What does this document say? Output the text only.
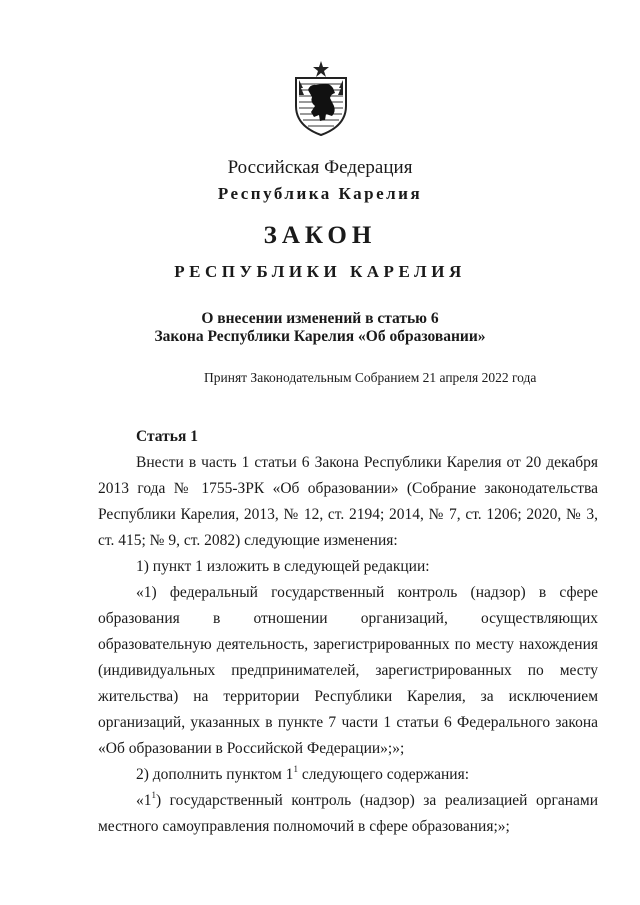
Российская Федерация
Республика Карелия
ЗАКОН
РЕСПУБЛИКИ КАРЕЛИЯ
О внесении изменений в статью 6
Закона Республики Карелия «Об образовании»
Принят Законодательным Собранием 21 апреля 2022 года
Статья 1

Внести в часть 1 статьи 6 Закона Республики Карелия от 20 декабря 2013 года № 1755-ЗРК «Об образовании» (Собрание законодательства Республики Карелия, 2013, № 12, ст. 2194; 2014, № 7, ст. 1206; 2020, № 3, ст. 415; № 9, ст. 2082) следующие изменения:

1) пункт 1 изложить в следующей редакции:

«1) федеральный государственный контроль (надзор) в сфере образования в отношении организаций, осуществляющих образовательную деятельность, зарегистрированных по месту нахождения (индивидуальных предпринимателей, зарегистрированных по месту жительства) на территории Республики Карелия, за исключением организаций, указанных в пункте 7 части 1 статьи 6 Федерального закона «Об образовании в Российской Федерации»;»;

2) дополнить пунктом $1^1$ следующего содержания:

«$1^1$) государственный контроль (надзор) за реализацией органами местного самоуправления полномочий в сфере образования;»;
